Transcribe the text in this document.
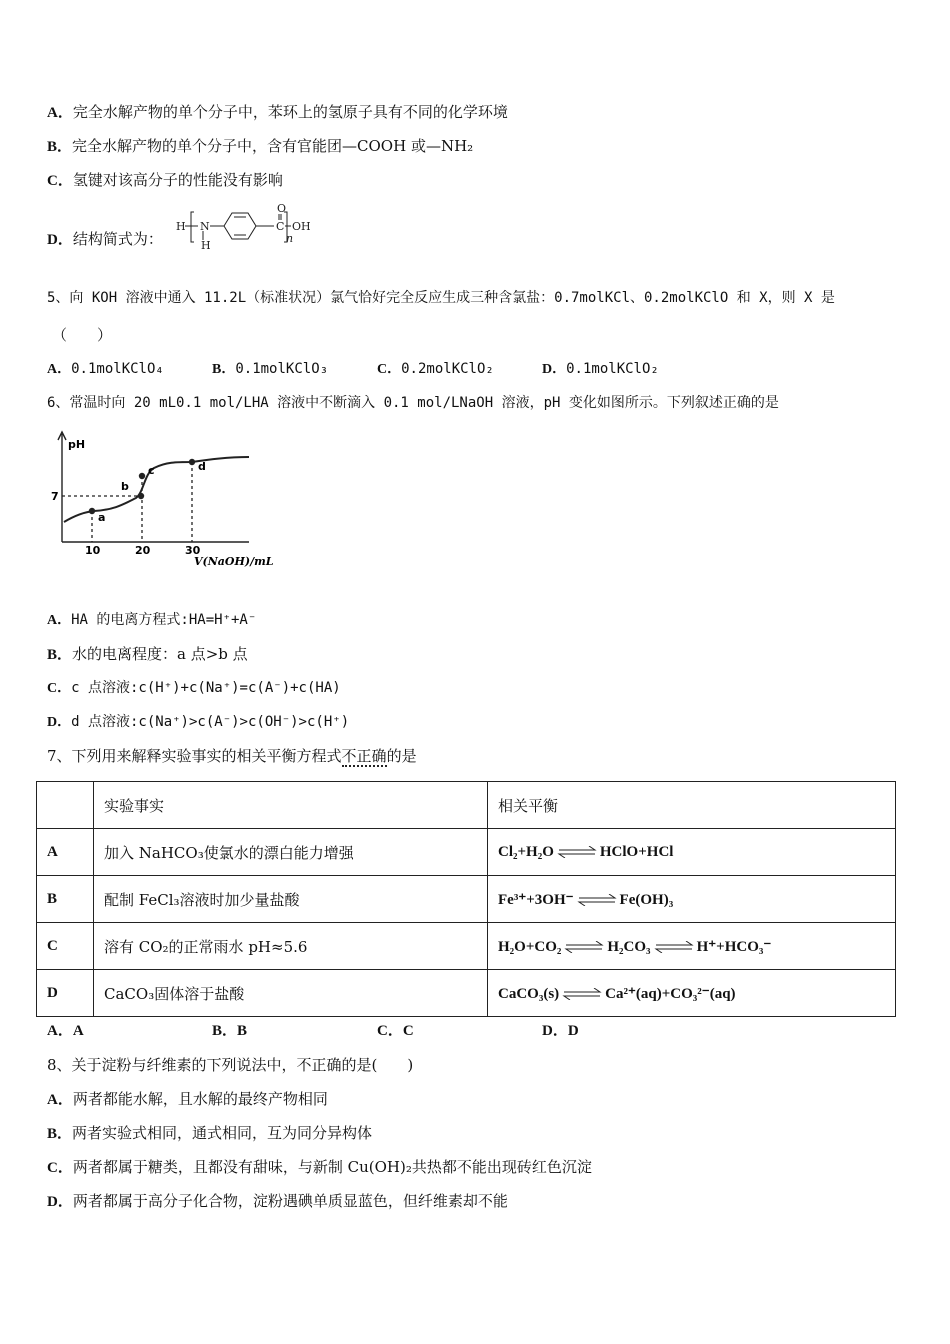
A．完全水解产物的单个分子中，苯环上的氢原子具有不同的化学环境
B．完全水解产物的单个分子中，含有官能团—COOH 或—NH₂
C．氢键对该高分子的性能没有影响
D．结构简式为：
H N
H
O
C OH
n
5、向 KOH 溶液中通入 11.2L（标准状况）氯气恰好完全反应生成三种含氯盐：0.7molKCl、0.2molKClO 和 X，则 X 是
（　　）
A．0.1molKClO₄	B．0.1molKClO₃	C．0.2molKClO₂	D．0.1molKClO₂
6、常温时向 20 mL0.1 mol/LHA 溶液中不断滴入 0.1 mol/LNaOH 溶液，pH 变化如图所示。下列叙述正确的是
pH
V(NaOH)/mL
7
10	20	30
a
b
c	d
A．HA 的电离方程式:HA=H⁺+A⁻
B．水的电离程度：a 点>b 点
C．c 点溶液:c(H⁺)+c(Na⁺)=c(A⁻)+c(HA)
D．d 点溶液:c(Na⁺)>c(A⁻)>c(OH⁻)>c(H⁺)
7、下列用来解释实验事实的相关平衡方程式不正确的是
	实验事实	相关平衡
A	加入 NaHCO₃使氯水的漂白能力增强	Cl₂+H₂O ⇌ HClO+HCl
B	配制 FeCl₃溶液时加少量盐酸	Fe³⁺+3OH⁻ ⇌ Fe(OH)₃
C	溶有 CO₂的正常雨水 pH≈5.6	H₂O+CO₂ ⇌ H₂CO₃ ⇌ H⁺+HCO₃⁻
D	CaCO₃固体溶于盐酸	CaCO₃(s) ⇌ Ca²⁺(aq)+CO₃²⁻(aq)
A．A	B．B	C．C	D．D
8、关于淀粉与纤维素的下列说法中，不正确的是(　　)
A．两者都能水解，且水解的最终产物相同
B．两者实验式相同，通式相同，互为同分异构体
C．两者都属于糖类，且都没有甜味，与新制 Cu(OH)₂共热都不能出现砖红色沉淀
D．两者都属于高分子化合物，淀粉遇碘单质显蓝色，但纤维素却不能
